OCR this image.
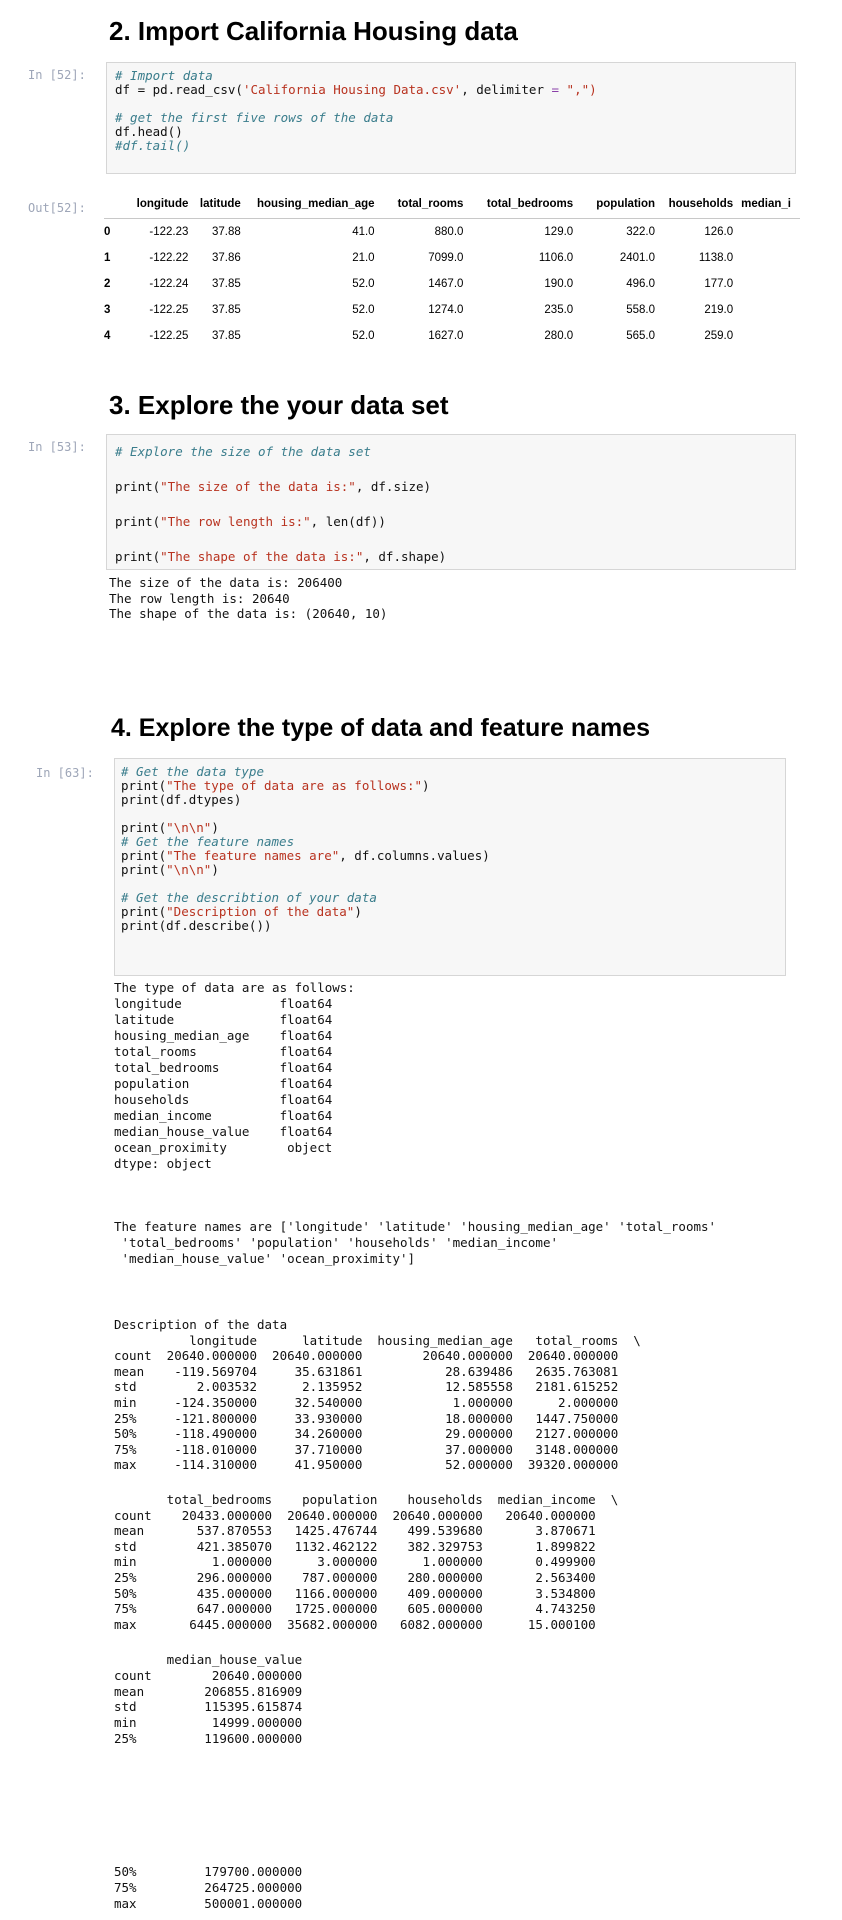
2. Import California Housing data
In [52]: # Import data
df = pd.read_csv('California Housing Data.csv', delimiter = ",")

# get the first five rows of the data
df.head()
#df.tail()
Out[52]:
		longitude	latitude	housing_median_age	total_rooms	total_bedrooms	population	households	median_i
0	-122.23	37.88	41.0	880.0	129.0	322.0	126.0	
1	-122.22	37.86	21.0	7099.0	1106.0	2401.0	1138.0	
2	-122.24	37.85	52.0	1467.0	190.0	496.0	177.0	
3	-122.25	37.85	52.0	1274.0	235.0	558.0	219.0	
4	-122.25	37.85	52.0	1627.0	280.0	565.0	259.0	
3. Explore the your data set
In [53]: # Explore the size of the data set

print("The size of the data is:", df.size)

print("The row length is:", len(df))

print("The shape of the data is:", df.shape)
The size of the data is: 206400
The row length is: 20640
The shape of the data is: (20640, 10)
4. Explore the type of data and feature names
In [63]: # Get the data type
print("The type of data are as follows:")
print(df.dtypes)

print("\n\n")
# Get the feature names
print("The feature names are", df.columns.values)
print("\n\n")

# Get the describtion of your data
print("Description of the data")
print(df.describe())
The type of data are as follows:
longitude             float64
latitude              float64
housing_median_age    float64
total_rooms           float64
total_bedrooms        float64
population            float64
households            float64
median_income         float64
median_house_value    float64
ocean_proximity        object
dtype: object
The feature names are ['longitude' 'latitude' 'housing_median_age' 'total_rooms'
'total_bedrooms' 'population' 'households' 'median_income'
'median_house_value' 'ocean_proximity']
Description of the data
longitude      latitude  housing_median_age   total_rooms  \
count  20640.000000  20640.000000        20640.000000  20640.000000
mean    -119.569704     35.631861           28.639486   2635.763081
std        2.003532      2.135952           12.585558   2181.615252
min     -124.350000     32.540000            1.000000      2.000000
25%     -121.800000     33.930000           18.000000   1447.750000
50%     -118.490000     34.260000           29.000000   2127.000000
75%     -118.010000     37.710000           37.000000   3148.000000
max     -114.310000     41.950000           52.000000  39320.000000
total_bedrooms    population    households  median_income  \
count    20433.000000  20640.000000  20640.000000   20640.000000
mean       537.870553   1425.476744    499.539680       3.870671
std        421.385070   1132.462122    382.329753       1.899822
min          1.000000      3.000000      1.000000       0.499900
25%        296.000000    787.000000    280.000000       2.563400
50%        435.000000   1166.000000    409.000000       3.534800
75%        647.000000   1725.000000    605.000000       4.743250
max       6445.000000  35682.000000   6082.000000      15.000100
median_house_value
count        20640.000000
mean        206855.816909
std         115395.615874
min          14999.000000
25%         119600.000000
50%         179700.000000
75%         264725.000000
max         500001.000000
